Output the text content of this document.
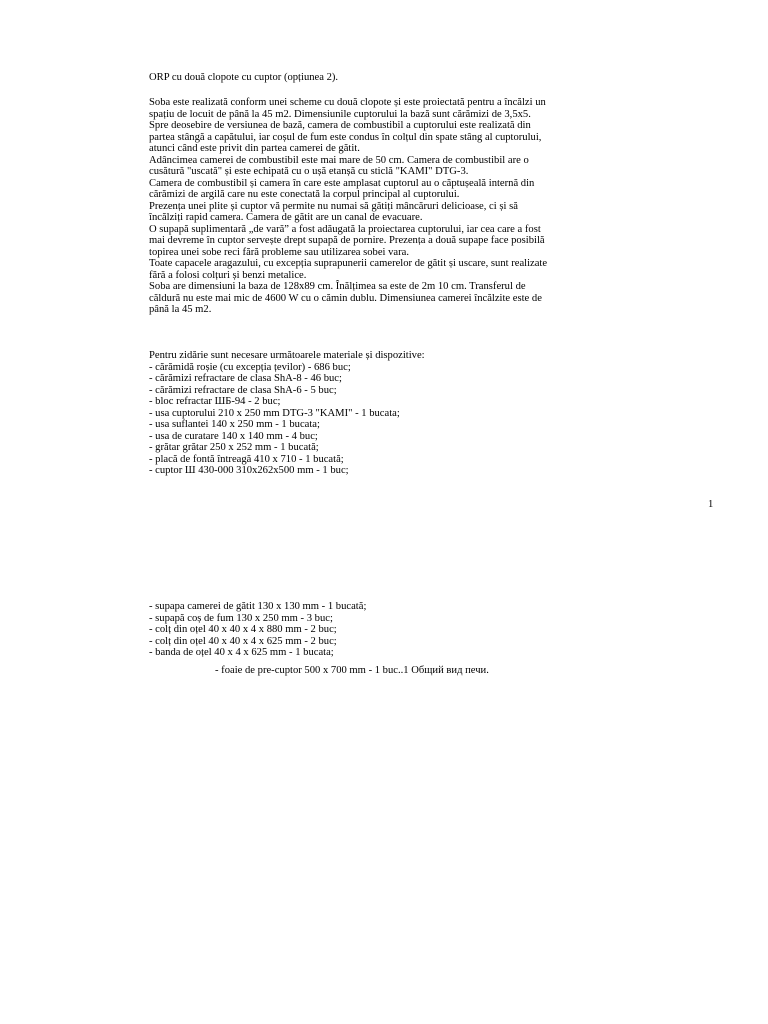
ORP cu două clopote cu cuptor (opțiunea 2).
Soba este realizată conform unei scheme cu două clopote și este proiectată pentru a încălzi un
spațiu de locuit de până la 45 m2. Dimensiunile cuptorului la bază sunt cărămizi de 3,5x5.
Spre deosebire de versiunea de bază, camera de combustibil a cuptorului este realizată din
partea stângă a capătului, iar coșul de fum este condus în colțul din spate stâng al cuptorului,
atunci când este privit din partea camerei de gătit.
Adâncimea camerei de combustibil este mai mare de 50 cm. Camera de combustibil are o
cusătură "uscată" și este echipată cu o ușă etanșă cu sticlă "KAMI" DTG-3.
Camera de combustibil și camera în care este amplasat cuptorul au o căptușeală internă din
cărămizi de argilă care nu este conectată la corpul principal al cuptorului.
Prezența unei plite și cuptor vă permite nu numai să gătiți mâncăruri delicioase, ci și să
încălziți rapid camera. Camera de gătit are un canal de evacuare.
O supapă suplimentară „de vară” a fost adăugată la proiectarea cuptorului, iar cea care a fost
mai devreme în cuptor servește drept supapă de pornire. Prezența a două supape face posibilă
topirea unei sobe reci fără probleme sau utilizarea sobei vara.
Toate capacele aragazului, cu excepția suprapunerii camerelor de gătit și uscare, sunt realizate
fără a folosi colțuri și benzi metalice.
Soba are dimensiuni la baza de 128x89 cm. Înălțimea sa este de 2m 10 cm. Transferul de
căldură nu este mai mic de 4600 W cu o cămin dublu. Dimensiunea camerei încălzite este de
până la 45 m2.
Pentru zidărie sunt necesare următoarele materiale și dispozitive:
- cărămidă roșie (cu excepția țevilor) - 686 buc;
- cărămizi refractare de clasa ShA-8 - 46 buc;
- cărămizi refractare de clasa ShA-6 - 5 buc;
- bloc refractar ШБ-94 - 2 buc;
- usa cuptorului 210 x 250 mm DTG-3 "KAMI" - 1 bucata;
- usa suflantei 140 x 250 mm - 1 bucata;
- usa de curatare 140 x 140 mm - 4 buc;
- grătar grătar 250 x 252 mm - 1 bucată;
- placă de fontă întreagă 410 x 710 - 1 bucată;
- cuptor Ш 430-000 310x262x500 mm - 1 buc;
1
- supapa camerei de gătit 130 x 130 mm - 1 bucată;
- supapă coș de fum 130 x 250 mm - 3 buc;
- colț din oțel 40 x 40 x 4 x 880 mm - 2 buc;
- colț din oțel 40 x 40 x 4 x 625 mm - 2 buc;
- banda de oțel 40 x 4 x 625 mm - 1 bucata;
- foaie de pre-cuptor 500 x 700 mm - 1 buc..1 Общий вид печи.
